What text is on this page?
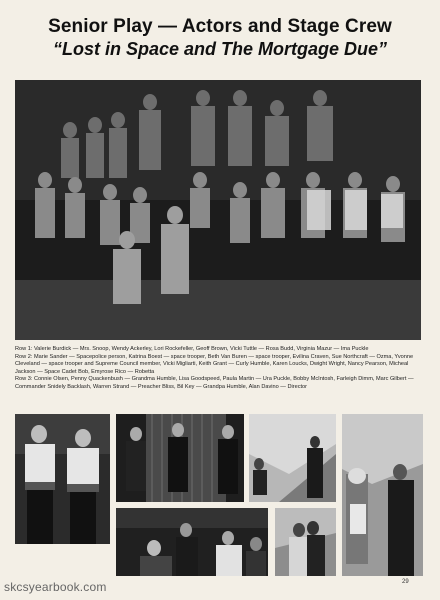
Senior Play — Actors and Stage Crew
“Lost in Space and The Mortgage Due”

Row 1: Valerie Burdick — Mrs. Snoop, Wendy Ackerley, Lori Rockefeller, Geoff Brown, Vicki Tuttle — Rosa Budd, Virginia Mazur — Ima Puckle

Row 2: Marie Sander — Spacepolice person, Katrina Boest — space trooper, Beth Van Buren — space trooper, Evilina Craven, Sue Northcraft — Ozma, Yvonne Cleveland — space trooper and Supreme Council member, Vicki Migliarti, Keith Grant — Curly Humble, Karen Loucks, Dwight Wright, Nancy Pearson, Micheal Jackson — Space Cadet Bob, Emyrose Rico — Robetta

Row 3: Connie Olsen, Penny Quackenbush — Grandma Humble, Lisa Goodspeed, Paula Martin — Ura Puckle, Bobby McIntosh, Farleigh Dimm, Marc Gilbert — Commander Snidely Backlash, Warren Strand — Preacher Bliss, Bil Key — Grandpa Humble, Alan Davino — Director

skcsyearbook.com	29
